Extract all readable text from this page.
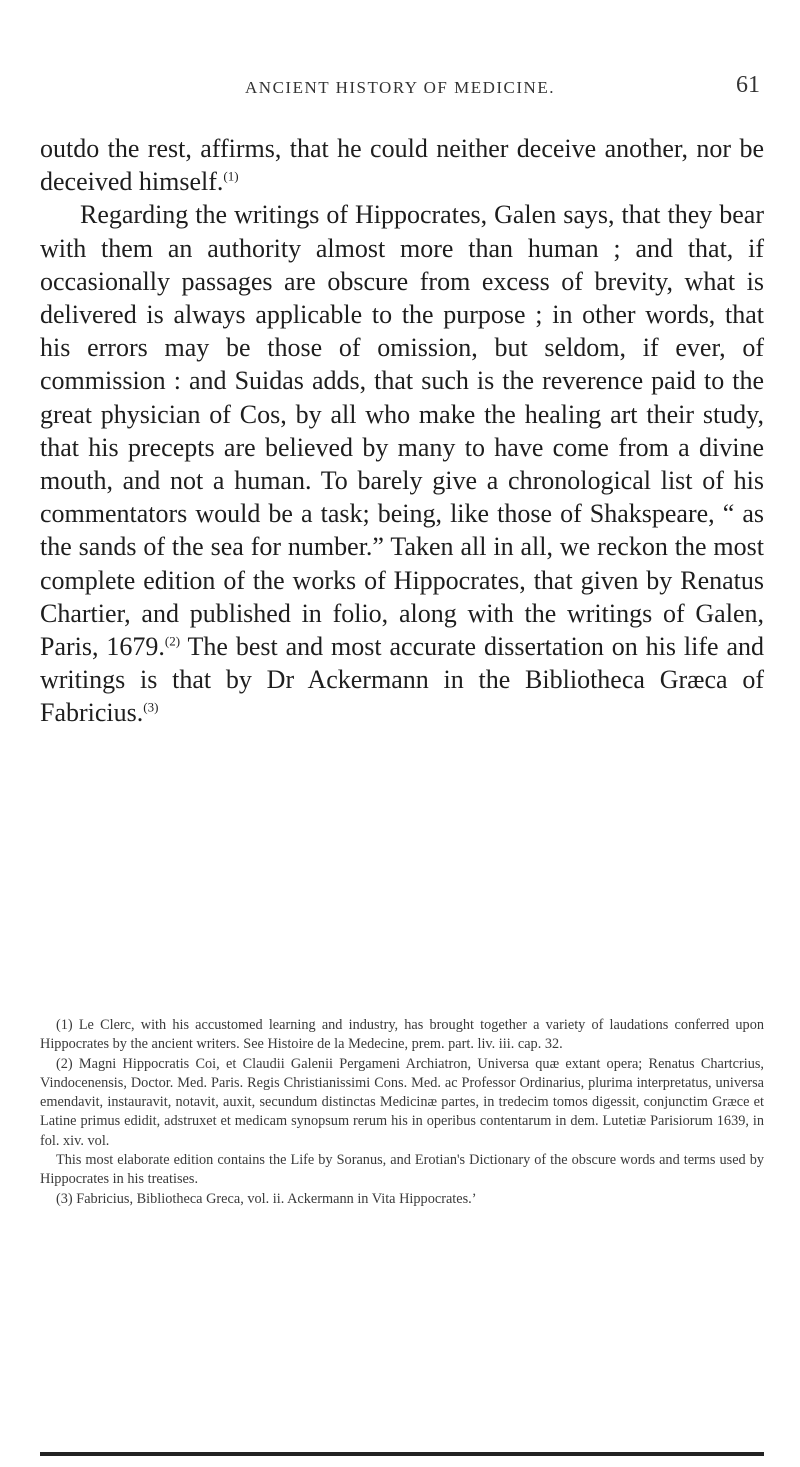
ANCIENT HISTORY OF MEDICINE.	61

outdo the rest, affirms, that he could neither deceive another, nor be deceived himself.$^{(1)}$

Regarding the writings of Hippocrates, Galen says, that they bear with them an authority almost more than human ; and that, if occasionally passages are obscure from excess of brevity, what is delivered is always applicable to the purpose ; in other words, that his errors may be those of omission, but seldom, if ever, of commission : and Suidas adds, that such is the reverence paid to the great physician of Cos, by all who make the healing art their study, that his precepts are believed by many to have come from a divine mouth, and not a human. To barely give a chronological list of his commentators would be a task; being, like those of Shakspeare, “ as the sands of the sea for number.” Taken all in all, we reckon the most complete edition of the works of Hippocrates, that given by Renatus Chartier, and published in folio, along with the writings of Galen, Paris, 1679.$^{(2)}$ The best and most accurate dissertation on his life and writings is that by Dr Ackermann in the Bibliotheca Græca of Fabricius.$^{(3)}$

(1) Le Clerc, with his accustomed learning and industry, has brought together a variety of laudations conferred upon Hippocrates by the ancient writers. See Histoire de la Medecine, prem. part. liv. iii. cap. 32.

(2) Magni Hippocratis Coi, et Claudii Galenii Pergameni Archiatron, Universa quæ extant opera; Renatus Chartcrius, Vindocenensis, Doctor. Med. Paris. Regis Christianissimi Cons. Med. ac Professor Ordinarius, plurima interpretatus, universa emendavit, instauravit, notavit, auxit, secundum distinctas Medicinæ partes, in tredecim tomos digessit, conjunctim Græce et Latine primus edidit, adstruxet et medicam synopsum rerum his in operibus contentarum in dem. Lutetiæ Parisiorum 1639, in fol. xiv. vol.

This most elaborate edition contains the Life by Soranus, and Erotian's Dictionary of the obscure words and terms used by Hippocrates in his treatises.

(3) Fabricius, Bibliotheca Greca, vol. ii. Ackermann in Vita Hippocrates.’
